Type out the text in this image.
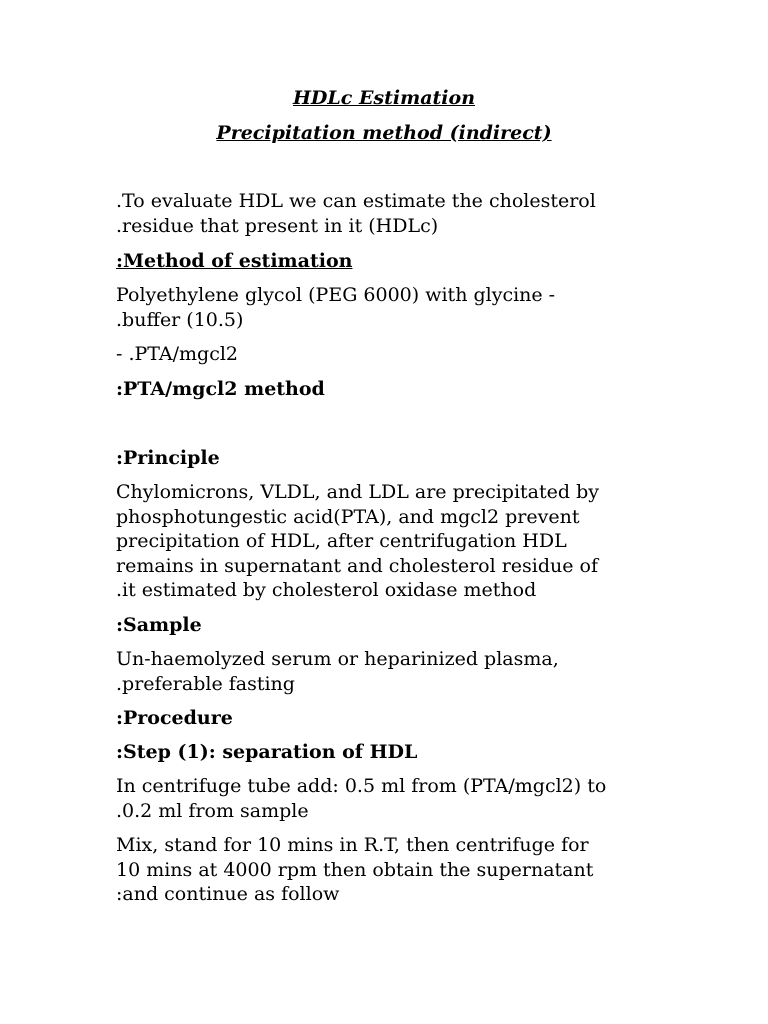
HDLc Estimation
Precipitation method (indirect)

.To evaluate HDL we can estimate the cholesterol
.residue that present in it (HDLc)

:Method of estimation

Polyethylene glycol (PEG 6000) with glycine -
.buffer (10.5)

- .PTA/mgcl2

:PTA/mgcl2 method

:Principle

Chylomicrons, VLDL, and LDL are precipitated by
phosphotungestic acid(PTA), and mgcl2 prevent
precipitation of HDL, after centrifugation HDL
remains in supernatant and cholesterol residue of
.it estimated by cholesterol oxidase method

:Sample

Un-haemolyzed serum or heparinized plasma,
.preferable fasting

:Procedure

:Step (1): separation of HDL

In centrifuge tube add: 0.5 ml from (PTA/mgcl2) to
.0.2 ml from sample

Mix, stand for 10 mins in R.T, then centrifuge for
10 mins at 4000 rpm then obtain the supernatant
:and continue as follow
